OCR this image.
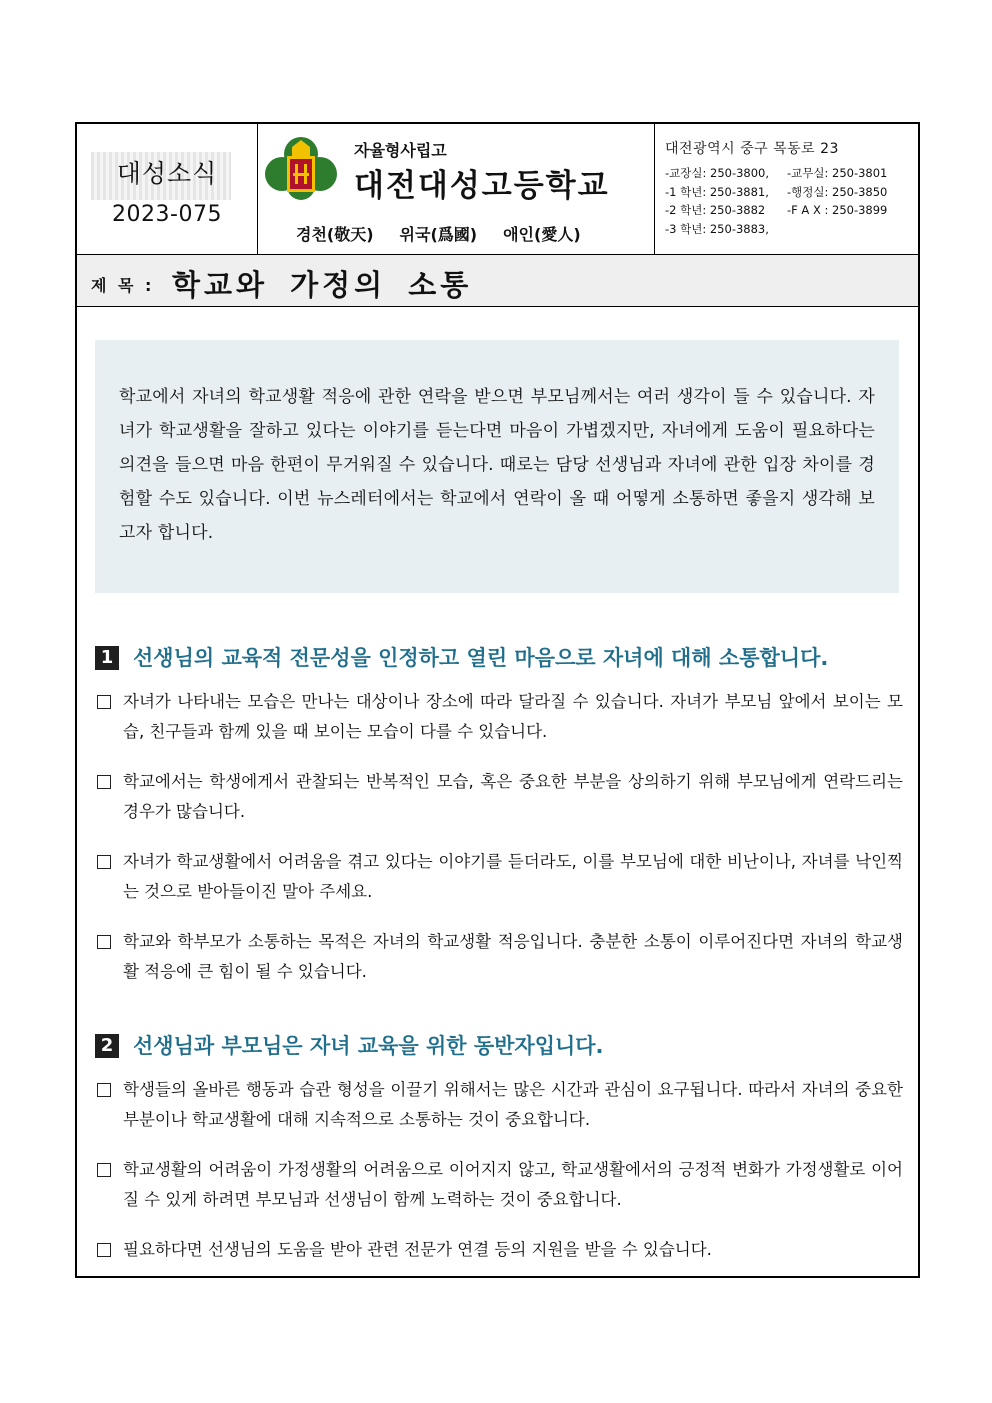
대성소식
2023-075
자율형사립고
대전대성고등학교
경천(敬天) 위국(爲國) 애인(愛人)
대전광역시 중구 목동로 23
-교장실: 250-3800, -교무실: 250-3801
-1 학년: 250-3881, -행정실: 250-3850
-2 학년: 250-3882 -F A X : 250-3899
-3 학년: 250-3883,
제 목 : 학교와 가정의 소통

학교에서 자녀의 학교생활 적응에 관한 연락을 받으면 부모님께서는 여러 생각이 들 수 있습니다. 자녀가 학교생활을 잘하고 있다는 이야기를 듣는다면 마음이 가볍겠지만, 자녀에게 도움이 필요하다는 의견을 들으면 마음 한편이 무거워질 수 있습니다. 때로는 담당 선생님과 자녀에 관한 입장 차이를 경험할 수도 있습니다. 이번 뉴스레터에서는 학교에서 연락이 올 때 어떻게 소통하면 좋을지 생각해 보고자 합니다.

1 선생님의 교육적 전문성을 인정하고 열린 마음으로 자녀에 대해 소통합니다.
자녀가 나타내는 모습은 만나는 대상이나 장소에 따라 달라질 수 있습니다. 자녀가 부모님 앞에서 보이는 모습, 친구들과 함께 있을 때 보이는 모습이 다를 수 있습니다.
학교에서는 학생에게서 관찰되는 반복적인 모습, 혹은 중요한 부분을 상의하기 위해 부모님에게 연락드리는 경우가 많습니다.
자녀가 학교생활에서 어려움을 겪고 있다는 이야기를 듣더라도, 이를 부모님에 대한 비난이나, 자녀를 낙인찍는 것으로 받아들이진 말아 주세요.
학교와 학부모가 소통하는 목적은 자녀의 학교생활 적응입니다. 충분한 소통이 이루어진다면 자녀의 학교생활 적응에 큰 힘이 될 수 있습니다.
2 선생님과 부모님은 자녀 교육을 위한 동반자입니다.
학생들의 올바른 행동과 습관 형성을 이끌기 위해서는 많은 시간과 관심이 요구됩니다. 따라서 자녀의 중요한 부분이나 학교생활에 대해 지속적으로 소통하는 것이 중요합니다.
학교생활의 어려움이 가정생활의 어려움으로 이어지지 않고, 학교생활에서의 긍정적 변화가 가정생활로 이어질 수 있게 하려면 부모님과 선생님이 함께 노력하는 것이 중요합니다.
필요하다면 선생님의 도움을 받아 관련 전문가 연결 등의 지원을 받을 수 있습니다.
